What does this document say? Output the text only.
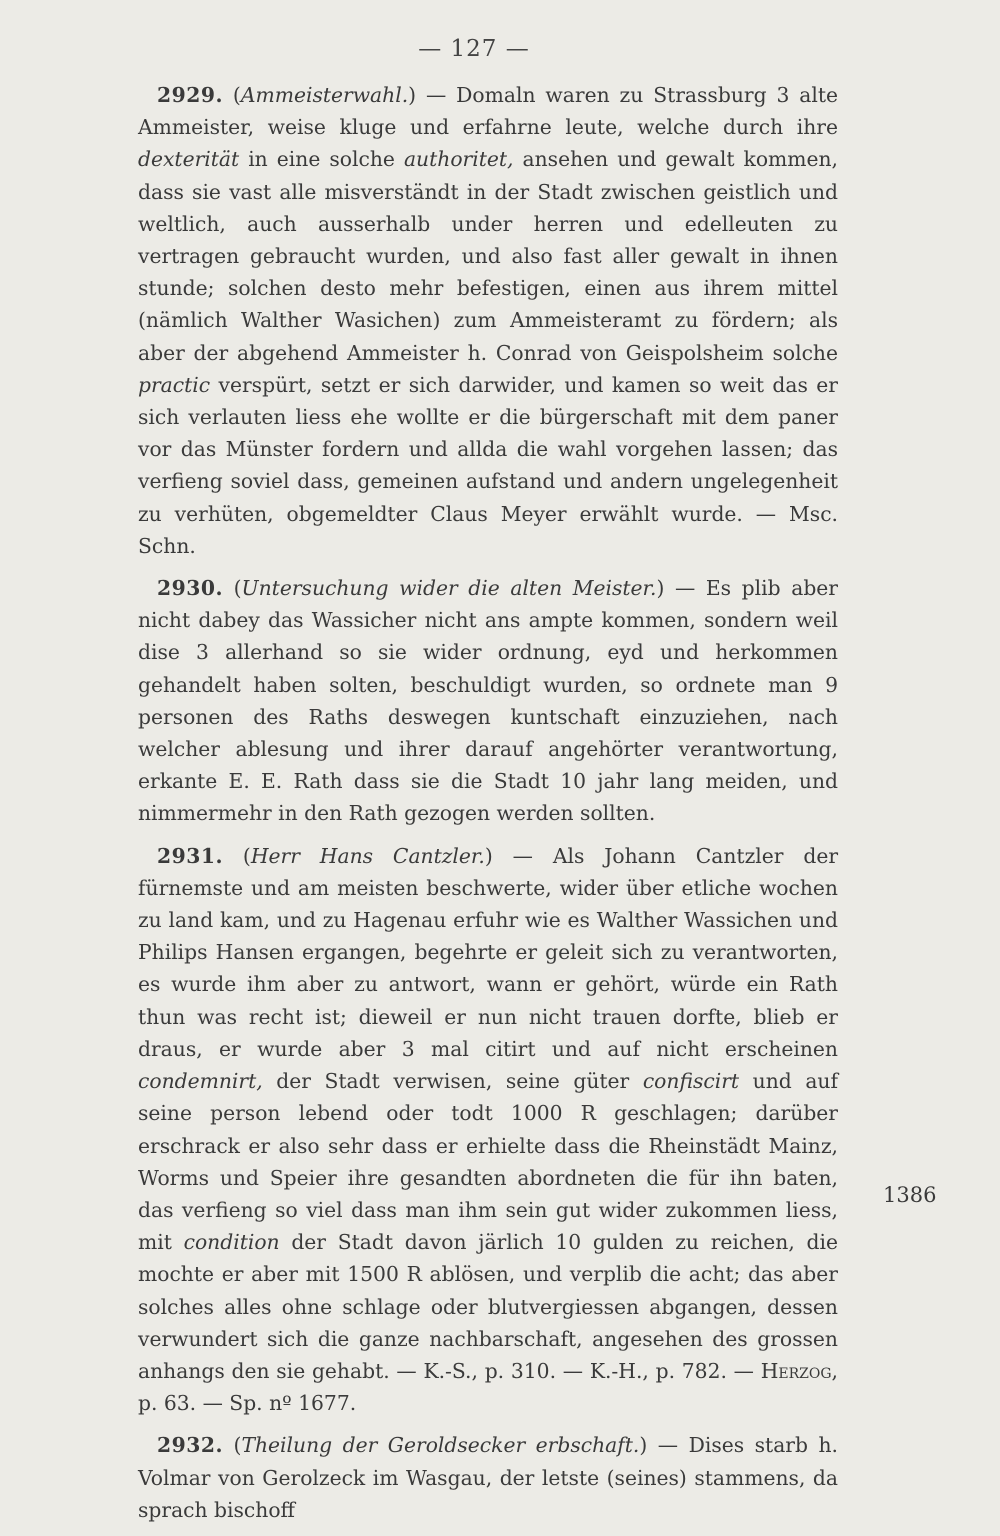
— 127 —

2929. (Ammeisterwahl.) — Domaln waren zu Strassburg 3 alte Ammeister, weise kluge und erfahrne leute, welche durch ihre dexterität in eine solche authoritet, ansehen und gewalt kommen, dass sie vast alle misverständt in der Stadt zwischen geistlich und weltlich, auch ausserhalb under herren und edelleuten zu vertragen gebraucht wurden, und also fast aller gewalt in ihnen stunde; solchen desto mehr befestigen, einen aus ihrem mittel (nämlich Walther Wasichen) zum Ammeisteramt zu fördern; als aber der abgehend Ammeister h. Conrad von Geispolsheim solche practic verspürt, setzt er sich darwider, und kamen so weit das er sich verlauten liess ehe wollte er die bürgerschaft mit dem paner vor das Münster fordern und allda die wahl vorgehen lassen; das verfieng soviel dass, gemeinen aufstand und andern ungelegenheit zu verhüten, obgemeldter Claus Meyer erwählt wurde. — Msc. Schn.

2930. (Untersuchung wider die alten Meister.) — Es plib aber nicht dabey das Wassicher nicht ans ampte kommen, sondern weil dise 3 allerhand so sie wider ordnung, eyd und herkommen gehandelt haben solten, beschuldigt wurden, so ordnete man 9 personen des Raths deswegen kuntschaft einzuziehen, nach welcher ablesung und ihrer darauf angehörter verantwortung, erkante E. E. Rath dass sie die Stadt 10 jahr lang meiden, und nimmermehr in den Rath gezogen werden sollten.

2931. (Herr Hans Cantzler.) — Als Johann Cantzler der fürnemste und am meisten beschwerte, wider über etliche wochen zu land kam, und zu Hagenau erfuhr wie es Walther Wassichen und Philips Hansen ergangen, begehrte er geleit sich zu verantworten, es wurde ihm aber zu antwort, wann er gehört, würde ein Rath thun was recht ist; dieweil er nun nicht trauen dorfte, blieb er draus, er wurde aber 3 mal citirt und auf nicht erscheinen condemnirt, der Stadt verwisen, seine güter confiscirt und auf seine person lebend oder todt 1000 R geschlagen; darüber erschrack er also sehr dass er erhielte dass die Rheinstädt Mainz, Worms und Speier ihre gesandten abordneten die für ihn baten, das verfieng so viel dass man ihm sein gut wider zukommen liess, mit condition der Stadt davon järlich 10 gulden zu reichen, die mochte er aber mit 1500 R ablösen, und verplib die acht; das aber solches alles ohne schlage oder blutvergiessen abgangen, dessen verwundert sich die ganze nachbarschaft, angesehen des grossen anhangs den sie gehabt. — K.-S., p. 310. — K.-H., p. 782. — Herzog, p. 63. — Sp. nº 1677.

2932. (Theilung der Geroldsecker erbschaft.) — Dises starb h. Volmar von Gerolzeck im Wasgau, der letste (seines) stammens, da sprach bischoff

1386
